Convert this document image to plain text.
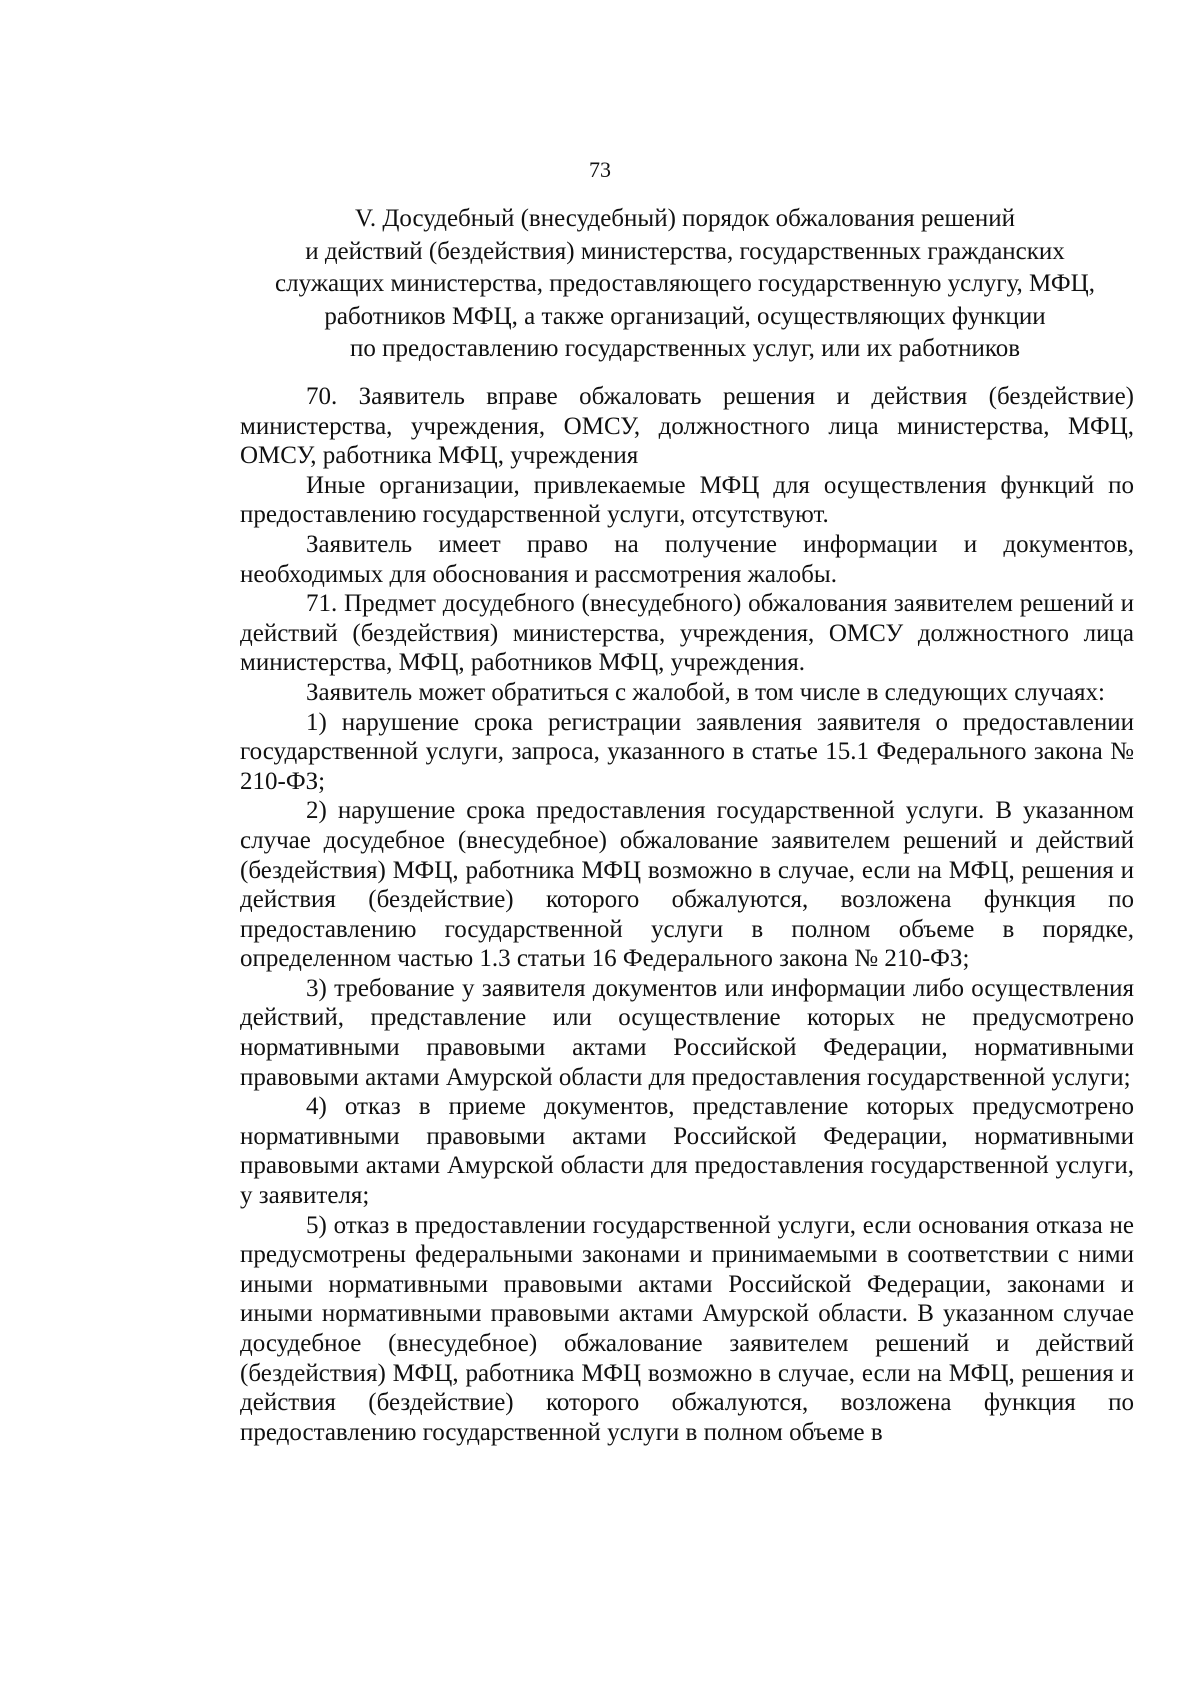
73
V. Досудебный (внесудебный) порядок обжалования решений
и действий (бездействия) министерства, государственных гражданских
служащих министерства, предоставляющего государственную услугу, МФЦ,
работников МФЦ, а также организаций, осуществляющих функции
по предоставлению государственных услуг, или их работников

70. Заявитель вправе обжаловать решения и действия (бездействие) министерства, учреждения, ОМСУ, должностного лица министерства, МФЦ, ОМСУ, работника МФЦ, учреждения

Иные организации, привлекаемые МФЦ для осуществления функций по предоставлению государственной услуги, отсутствуют.

Заявитель имеет право на получение информации и документов, необходимых для обоснования и рассмотрения жалобы.

71. Предмет досудебного (внесудебного) обжалования заявителем решений и действий (бездействия) министерства, учреждения, ОМСУ должностного лица министерства, МФЦ, работников МФЦ, учреждения.

Заявитель может обратиться с жалобой, в том числе в следующих случаях:

1) нарушение срока регистрации заявления заявителя о предоставлении государственной услуги, запроса, указанного в статье 15.1 Федерального закона № 210-ФЗ;

2) нарушение срока предоставления государственной услуги. В указанном случае досудебное (внесудебное) обжалование заявителем решений и действий (бездействия) МФЦ, работника МФЦ возможно в случае, если на МФЦ, решения и действия (бездействие) которого обжалуются, возложена функция по предоставлению государственной услуги в полном объеме в порядке, определенном частью 1.3 статьи 16 Федерального закона № 210-ФЗ;

3) требование у заявителя документов или информации либо осуществления действий, представление или осуществление которых не предусмотрено нормативными правовыми актами Российской Федерации, нормативными правовыми актами Амурской области для предоставления государственной услуги;

4) отказ в приеме документов, представление которых предусмотрено нормативными правовыми актами Российской Федерации, нормативными правовыми актами Амурской области для предоставления государственной услуги, у заявителя;

5) отказ в предоставлении государственной услуги, если основания отказа не предусмотрены федеральными законами и принимаемыми в соответствии с ними иными нормативными правовыми актами Российской Федерации, законами и иными нормативными правовыми актами Амурской области. В указанном случае досудебное (внесудебное) обжалование заявителем решений и действий (бездействия) МФЦ, работника МФЦ возможно в случае, если на МФЦ, решения и действия (бездействие) которого обжалуются, возложена функция по предоставлению государственной услуги в полном объеме в
